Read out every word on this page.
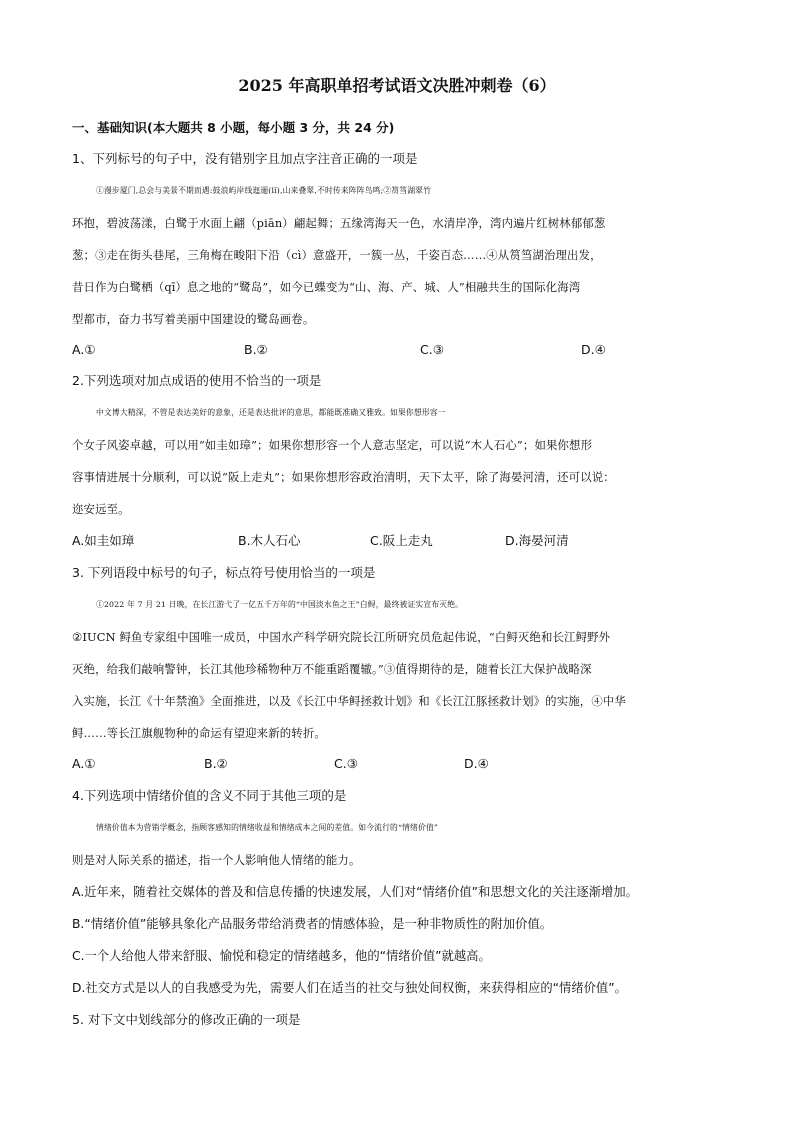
2025 年高职单招考试语文决胜冲刺卷（6）
一、基础知识(本大题共 8 小题，每小题 3 分，共 24 分)
1、下列标号的句子中，没有错别字且加点字注音正确的一项是
①漫步厦门,总会与美景不期而遇:鼓浪屿岸线迤逦(lǐ),山来叠翠,不时传来阵阵鸟鸣;②筼筜湖翠竹
环抱，碧波荡漾，白鹭于水面上翩（piān）翩起舞；五缘湾海天一色，水清岸净，湾内遍片红树林郁郁葱
葱；③走在街头巷尾，三角梅在畯阳下沿（cì）意盛开，一簇一丛，千姿百态……④从筼筜湖治理出发，
昔日作为白鹭栖（qī）息之地的“鹭岛”，如今已蝶变为“山、海、产、城、人”相融共生的国际化海湾
型都市，奋力书写着美丽中国建设的鹭岛画卷。
A.①	B.②	C.③	D.④
2.下列选项对加点成语的使用不恰当的一项是
中文博大精深，不管是表达美好的意象，还是表达批评的意思，都能既准确又雅致。如果你想形容一
个女子风姿卓越，可以用“如圭如璋”；如果你想形容一个人意志坚定，可以说“木人石心”；如果你想形
容事情进展十分顺利，可以说“阪上走丸”；如果你想形容政治清明，天下太平，除了海晏河清，还可以说：
迩安远至。
A.如圭如璋	B.木人石心	C.阪上走丸	D.海晏河清
3. 下列语段中标号的句子，标点符号使用恰当的一项是
①2022 年 7 月 21 日晚，在长江游弋了一亿五千万年的“中国淡水鱼之王”白鲟，最终被证实宣布灭绝。
②IUCN 鲟鱼专家组中国唯一成员，中国水产科学研究院长江所研究员危起伟说，“白鲟灭绝和长江鲟野外
灭绝，给我们敲响警钟，长江其他珍稀物种万不能重蹈覆辙。”③值得期待的是，随着长江大保护战略深
入实施，长江《十年禁渔》全面推进，以及《长江中华鲟拯救计划》和《长江江豚拯救计划》的实施，④中华
鲟……等长江旗舰物种的命运有望迎来新的转折。
A.①	B.②	C.③	D.④
4.下列选项中情绪价值的含义不同于其他三项的是
情绪价值本为营销学概念，指顾客感知的情绪收益和情绪成本之间的差值。如今流行的“情绪价值”
则是对人际关系的描述，指一个人影响他人情绪的能力。
A.近年来，随着社交媒体的普及和信息传播的快速发展，人们对“情绪价值”和思想文化的关注逐渐增加。
B.“情绪价值”能够具象化产品服务带给消费者的情感体验，是一种非物质性的附加价值。
C.一个人给他人带来舒服、愉悦和稳定的情绪越多，他的“情绪价值”就越高。
D.社交方式是以人的自我感受为先，需要人们在适当的社交与独处间权衡，来获得相应的“情绪价值”。
5. 对下文中划线部分的修改正确的一项是
